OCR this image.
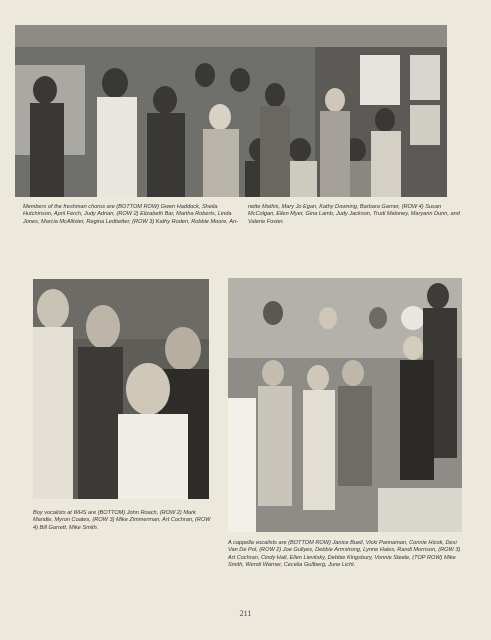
Members of the freshman chorus are (BOTTOM ROW) Gwen Haddock, Sheila Hutchinson, April Ferch, Judy Adrian, (ROW 2) Elizabeth Bar, Martha Roberts, Linda Jones, Marcia McAllister, Regina Ledbetter, (ROW 3) Kathy Roden, Robbie Moore, An-

nette Mathis, Mary Jo Egan, Kathy Downing, Barbara Garner, (ROW 4) Susan McColgan, Ellen Myer, Gina Lamb, Judy Jackson, Trudi Maloney, Maryann Dunn, and Valerie Foster.

Boy vocalists at WHS are (BOTTOM) John Roach, (ROW 2) Mark Mandle, Myron Coates, (ROW 3) Mike Zimmerman, Art Cochran, (ROW 4) Bill Garrett, Mike Smith.

A cappella vocalists are (BOTTOM ROW) Janice Buell, Vicki Pannaman, Connie Hicok, Desi Van De Pol, (ROW 2) Joe Gullyes, Debbie Armstrong, Lynne Hales, Randi Morrison, (ROW 3) Art Cochran, Cindy Hall, Ellen Lievitsky, Debbie Kingsbury, Vonnie Steele, (TOP ROW) Mike Smith, Wendi Warner, Cecelia Gullberg, June Licht.

211
